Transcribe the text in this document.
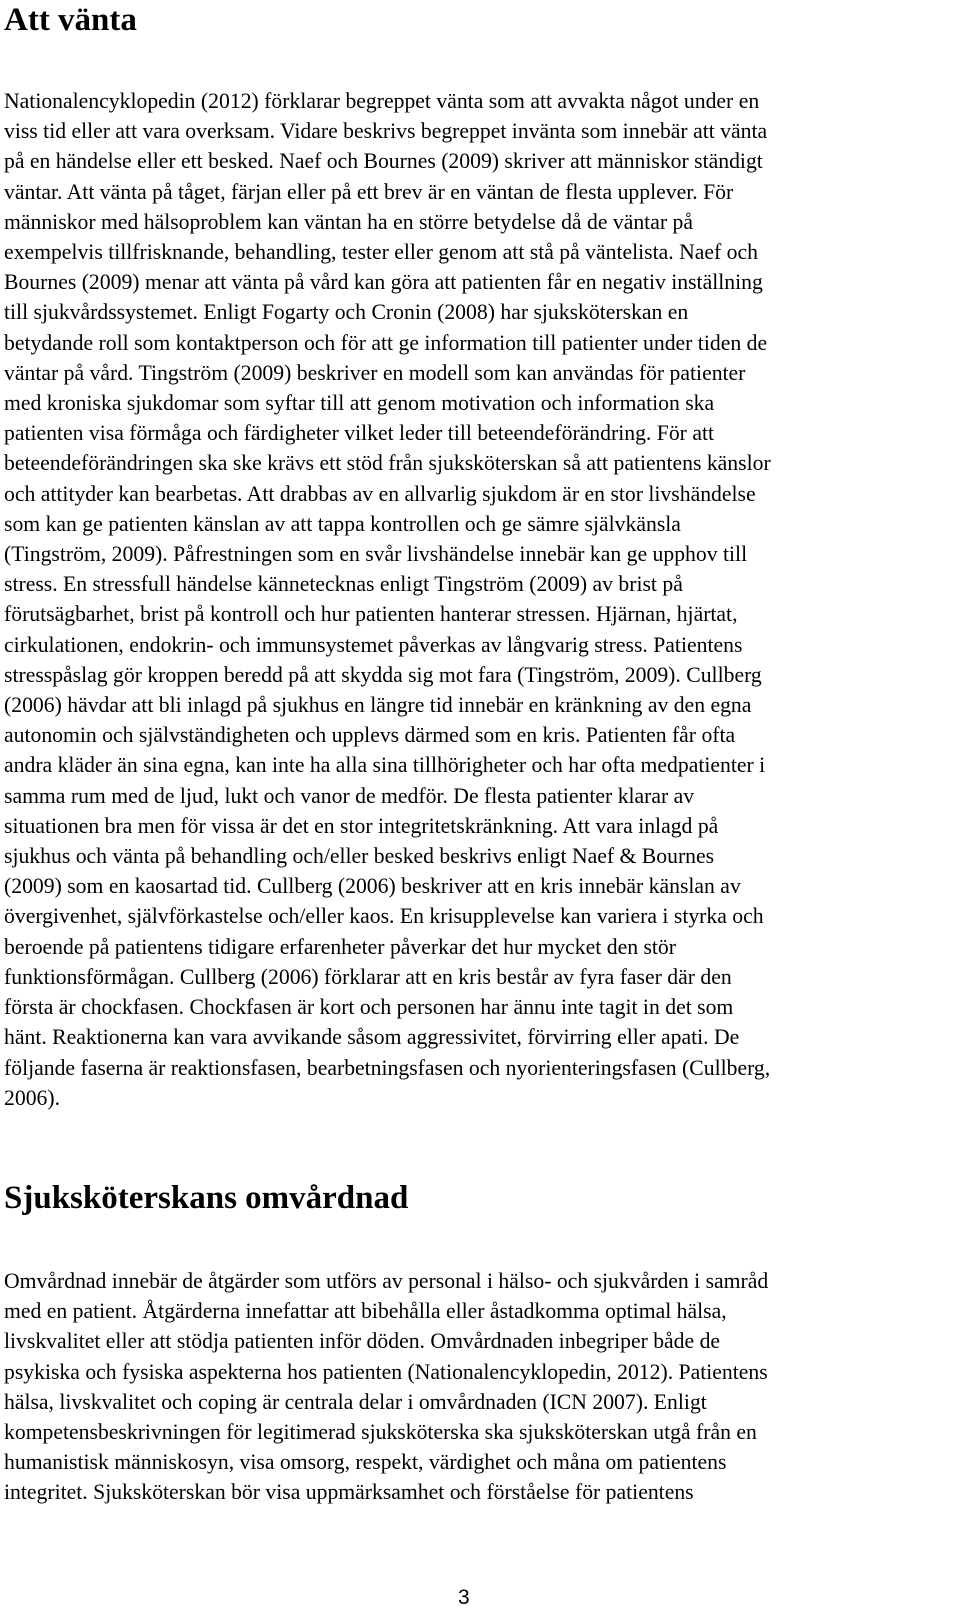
Att vänta

Nationalencyklopedin (2012) förklarar begreppet vänta som att avvakta något under en
viss tid eller att vara overksam. Vidare beskrivs begreppet invänta som innebär att vänta
på en händelse eller ett besked. Naef och Bournes (2009) skriver att människor ständigt
väntar. Att vänta på tåget, färjan eller på ett brev är en väntan de flesta upplever. För
människor med hälsoproblem kan väntan ha en större betydelse då de väntar på
exempelvis tillfrisknande, behandling, tester eller genom att stå på väntelista. Naef och
Bournes (2009) menar att vänta på vård kan göra att patienten får en negativ inställning
till sjukvårdssystemet. Enligt Fogarty och Cronin (2008) har sjuksköterskan en
betydande roll som kontaktperson och för att ge information till patienter under tiden de
väntar på vård. Tingström (2009) beskriver en modell som kan användas för patienter
med kroniska sjukdomar som syftar till att genom motivation och information ska
patienten visa förmåga och färdigheter vilket leder till beteendeförändring. För att
beteendeförändringen ska ske krävs ett stöd från sjuksköterskan så att patientens känslor
och attityder kan bearbetas. Att drabbas av en allvarlig sjukdom är en stor livshändelse
som kan ge patienten känslan av att tappa kontrollen och ge sämre självkänsla
(Tingström, 2009). Påfrestningen som en svår livshändelse innebär kan ge upphov till
stress. En stressfull händelse kännetecknas enligt Tingström (2009) av brist på
förutsägbarhet, brist på kontroll och hur patienten hanterar stressen. Hjärnan, hjärtat,
cirkulationen, endokrin- och immunsystemet påverkas av långvarig stress. Patientens
stresspåslag gör kroppen beredd på att skydda sig mot fara (Tingström, 2009). Cullberg
(2006) hävdar att bli inlagd på sjukhus en längre tid innebär en kränkning av den egna
autonomin och självständigheten och upplevs därmed som en kris. Patienten får ofta
andra kläder än sina egna, kan inte ha alla sina tillhörigheter och har ofta medpatienter i
samma rum med de ljud, lukt och vanor de medför. De flesta patienter klarar av
situationen bra men för vissa är det en stor integritetskränkning. Att vara inlagd på
sjukhus och vänta på behandling och/eller besked beskrivs enligt Naef & Bournes
(2009) som en kaosartad tid. Cullberg (2006) beskriver att en kris innebär känslan av
övergivenhet, självförkastelse och/eller kaos. En krisupplevelse kan variera i styrka och
beroende på patientens tidigare erfarenheter påverkar det hur mycket den stör
funktionsförmågan. Cullberg (2006) förklarar att en kris består av fyra faser där den
första är chockfasen. Chockfasen är kort och personen har ännu inte tagit in det som
hänt. Reaktionerna kan vara avvikande såsom aggressivitet, förvirring eller apati. De
följande faserna är reaktionsfasen, bearbetningsfasen och nyorienteringsfasen (Cullberg,
2006).

Sjuksköterskans omvårdnad

Omvårdnad innebär de åtgärder som utförs av personal i hälso- och sjukvården i samråd
med en patient. Åtgärderna innefattar att bibehålla eller åstadkomma optimal hälsa,
livskvalitet eller att stödja patienten inför döden. Omvårdnaden inbegriper både de
psykiska och fysiska aspekterna hos patienten (Nationalencyklopedin, 2012). Patientens
hälsa, livskvalitet och coping är centrala delar i omvårdnaden (ICN 2007). Enligt
kompetensbeskrivningen för legitimerad sjuksköterska ska sjuksköterskan utgå från en
humanistisk människosyn, visa omsorg, respekt, värdighet och måna om patientens
integritet. Sjuksköterskan bör visa uppmärksamhet och förståelse för patientens

3
